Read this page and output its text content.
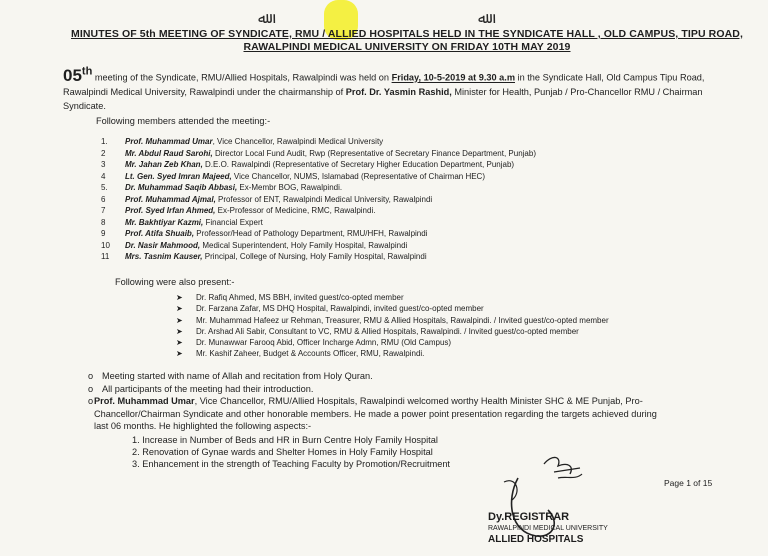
ﷲ	ﷲ
MINUTES OF 5th MEETING OF SYNDICATE, RMU / ALLIED HOSPITALS HELD IN THE SYNDICATE HALL , OLD CAMPUS, TIPU ROAD,
RAWALPINDI MEDICAL UNIVERSITY ON FRIDAY 10TH MAY 2019
05th meeting of the Syndicate, RMU/Allied Hospitals, Rawalpindi was held on Friday, 10-5-2019 at 9.30 a.m in the Syndicate Hall, Old Campus Tipu Road, Rawalpindi Medical University, Rawalpindi under the chairmanship of Prof. Dr. Yasmin Rashid, Minister for Health, Punjab / Pro-Chancellor RMU / Chairman Syndicate.
Following members attended the meeting:-
1.	Prof. Muhammad Umar, Vice Chancellor, Rawalpindi Medical University
2	Mr. Abdul Raud Sarohi, Director Local Fund Audit, Rwp (Representative of Secretary Finance Department, Punjab)
3	Mr. Jahan Zeb Khan, D.E.O. Rawalpindi (Representative of Secretary Higher Education Department, Punjab)
4	Lt. Gen. Syed Imran Majeed, Vice Chancellor, NUMS, Islamabad (Representative of Chairman HEC)
5.	Dr. Muhammad Saqib Abbasi, Ex-Membr BOG, Rawalpindi.
6	Prof. Muhammad Ajmal, Professor of ENT, Rawalpindi Medical University, Rawalpindi
7	Prof. Syed Irfan Ahmed, Ex-Professor of Medicine, RMC, Rawalpindi.
8	Mr. Bakhtiyar Kazmi, Financial Expert
9	Prof. Atifa Shuaib, Professor/Head of Pathology Department, RMU/HFH, Rawalpindi
10	Dr. Nasir Mahmood, Medical Superintendent, Holy Family Hospital, Rawalpindi
11	Mrs. Tasnim Kauser, Principal, College of Nursing, Holy Family Hospital, Rawalpindi
Following were also present:-
➤	Dr. Rafiq Ahmed, MS BBH, invited guest/co-opted member
➤	Dr. Farzana Zafar, MS DHQ Hospital, Rawalpindi, invited guest/co-opted member
➤	Mr. Muhammad Hafeez ur Rehman, Treasurer, RMU & Allied Hospitals, Rawalpindi. / Invited guest/co-opted member
➤	Dr. Arshad Ali Sabir, Consultant to VC, RMU & Allied Hospitals, Rawalpindi. / Invited guest/co-opted member
➤	Dr. Munawwar Farooq Abid, Officer Incharge Admn, RMU (Old Campus)
➤	Mr. Kashif Zaheer, Budget & Accounts Officer, RMU, Rawalpindi.
o Meeting started with name of Allah and recitation from Holy Quran.
o All participants of the meeting had their introduction.
o Prof. Muhammad Umar, Vice Chancellor, RMU/Allied Hospitals, Rawalpindi welcomed worthy Health Minister SHC & ME Punjab, Pro-Chancellor/Chairman Syndicate and other honorable members. He made a power point presentation regarding the targets achieved during last 06 months. He highlighted the following aspects:-
1. Increase in Number of Beds and HR in Burn Centre Holy Family Hospital
2. Renovation of Gynae wards and Shelter Homes in Holy Family Hospital
3. Enhancement in the strength of Teaching Faculty by Promotion/Recruitment
Page 1 of 15
Dy.REGISTRAR
RAWALPINDI MEDICAL UNIVERSITY
ALLIED HOSPITALS
